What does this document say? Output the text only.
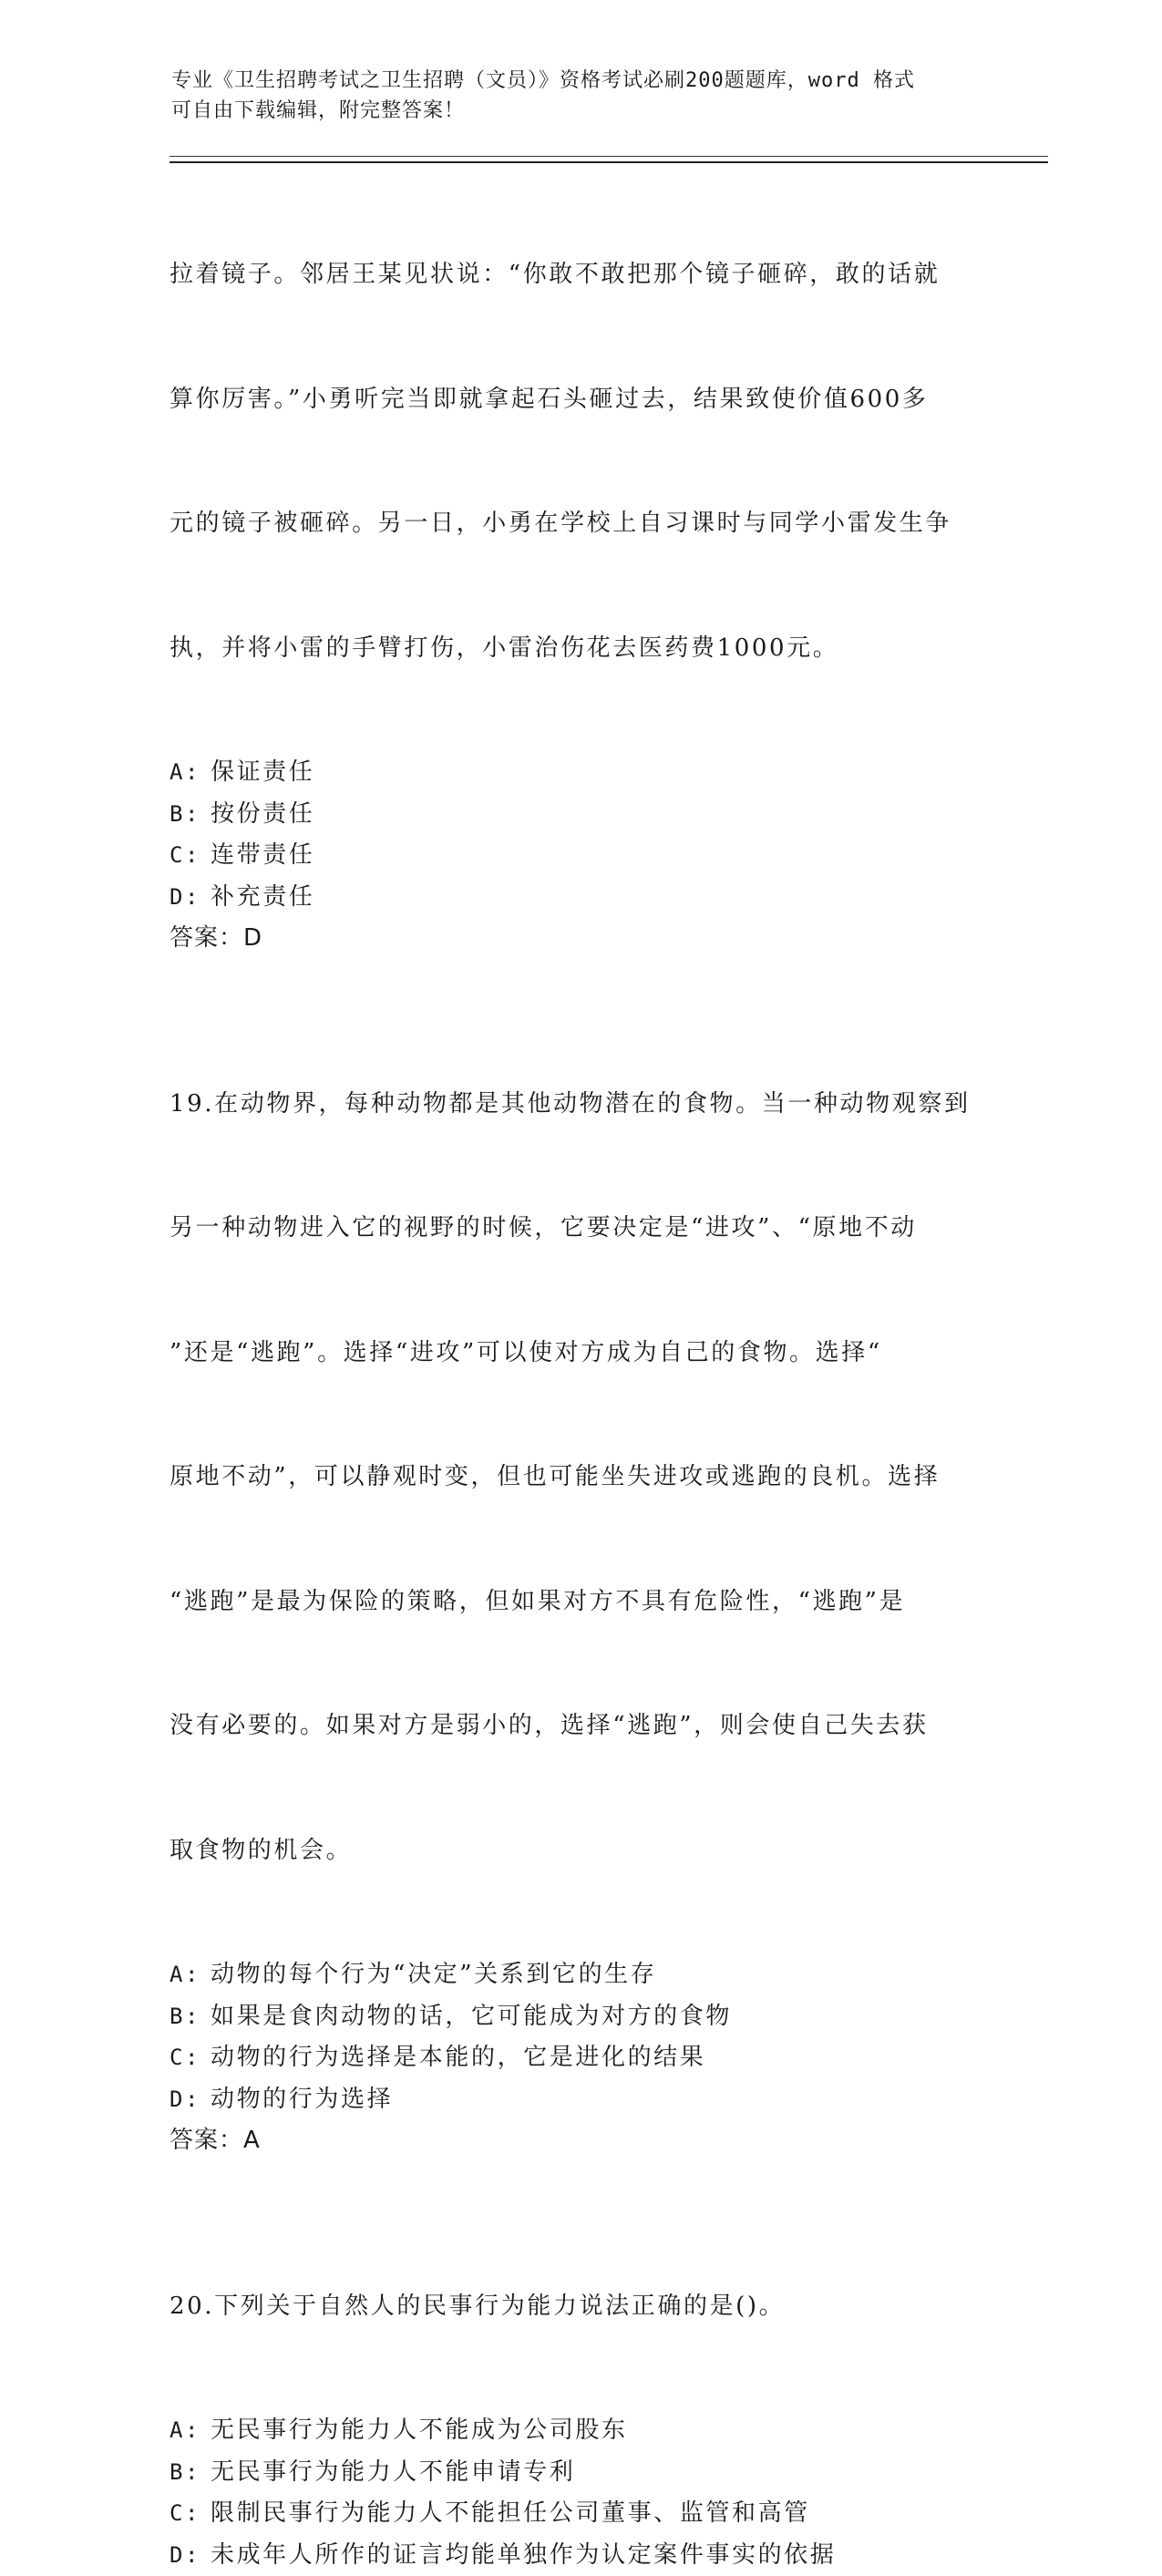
专业《卫生招聘考试之卫生招聘（文员）》资格考试必刷200题题库，word 格式
可自由下载编辑，附完整答案！

拉着镜子。邻居王某见状说：“你敢不敢把那个镜子砸碎，敢的话就

算你厉害。”小勇听完当即就拿起石头砸过去，结果致使价值600多

元的镜子被砸碎。另一日，小勇在学校上自习课时与同学小雷发生争

执，并将小雷的手臂打伤，小雷治伤花去医药费1000元。

A: 保证责任
B: 按份责任
C: 连带责任
D: 补充责任
答案：D

19.在动物界，每种动物都是其他动物潜在的食物。当一种动物观察到

另一种动物进入它的视野的时候，它要决定是“进攻”、“原地不动

”还是“逃跑”。选择“进攻”可以使对方成为自己的食物。选择“

原地不动”，可以静观时变，但也可能坐失进攻或逃跑的良机。选择

“逃跑”是最为保险的策略，但如果对方不具有危险性，“逃跑”是

没有必要的。如果对方是弱小的，选择“逃跑”，则会使自己失去获

取食物的机会。

A: 动物的每个行为“决定”关系到它的生存
B: 如果是食肉动物的话，它可能成为对方的食物
C: 动物的行为选择是本能的，它是进化的结果
D: 动物的行为选择
答案：A

20.下列关于自然人的民事行为能力说法正确的是()。

A: 无民事行为能力人不能成为公司股东
B: 无民事行为能力人不能申请专利
C: 限制民事行为能力人不能担任公司董事、监管和高管
D: 未成年人所作的证言均能单独作为认定案件事实的依据
